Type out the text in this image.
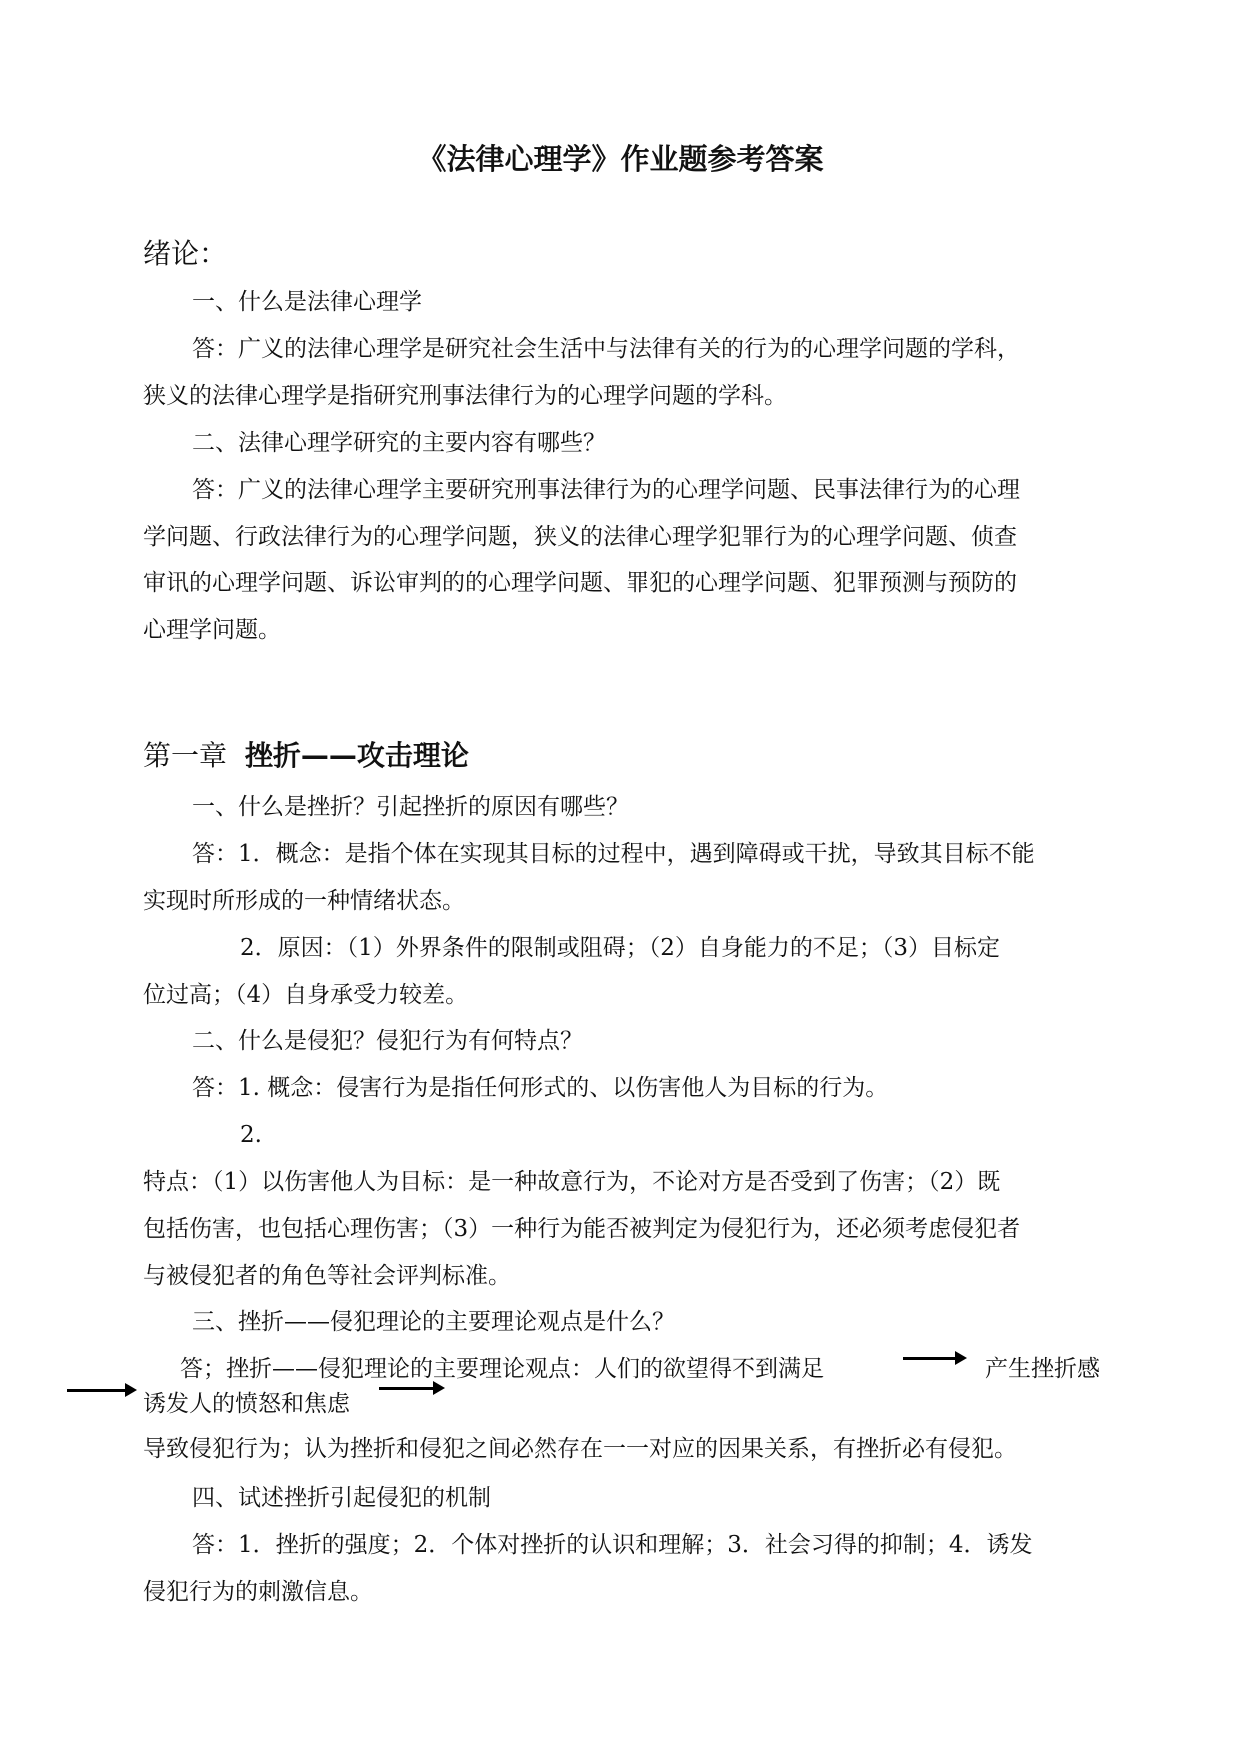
《法律心理学》作业题参考答案
绪论：
一、什么是法律心理学
答：广义的法律心理学是研究社会生活中与法律有关的行为的心理学问题的学科，
狭义的法律心理学是指研究刑事法律行为的心理学问题的学科。
二、法律心理学研究的主要内容有哪些？
答：广义的法律心理学主要研究刑事法律行为的心理学问题、民事法律行为的心理
学问题、行政法律行为的心理学问题，狭义的法律心理学犯罪行为的心理学问题、侦查
审讯的心理学问题、诉讼审判的的心理学问题、罪犯的心理学问题、犯罪预测与预防的
心理学问题。
第一章 挫折——攻击理论
一、什么是挫折？引起挫折的原因有哪些？
答：1．概念：是指个体在实现其目标的过程中，遇到障碍或干扰，导致其目标不能
实现时所形成的一种情绪状态。
2．原因：（1）外界条件的限制或阻碍；（2）自身能力的不足；（3）目标定
位过高；（4）自身承受力较差。
二、什么是侵犯？侵犯行为有何特点？
答：1. 概念：侵害行为是指任何形式的、以伤害他人为目标的行为。
2.
特点：（1）以伤害他人为目标：是一种故意行为，不论对方是否受到了伤害；（2）既
包括伤害，也包括心理伤害；（3）一种行为能否被判定为侵犯行为，还必须考虑侵犯者
与被侵犯者的角色等社会评判标准。
三、挫折——侵犯理论的主要理论观点是什么？
答；挫折——侵犯理论的主要理论观点：人们的欲望得不到满足	产生挫折感
诱发人的愤怒和焦虑
导致侵犯行为；认为挫折和侵犯之间必然存在一一对应的因果关系，有挫折必有侵犯。
四、试述挫折引起侵犯的机制
答：1．挫折的强度；2．个体对挫折的认识和理解；3．社会习得的抑制；4．诱发
侵犯行为的刺激信息。
